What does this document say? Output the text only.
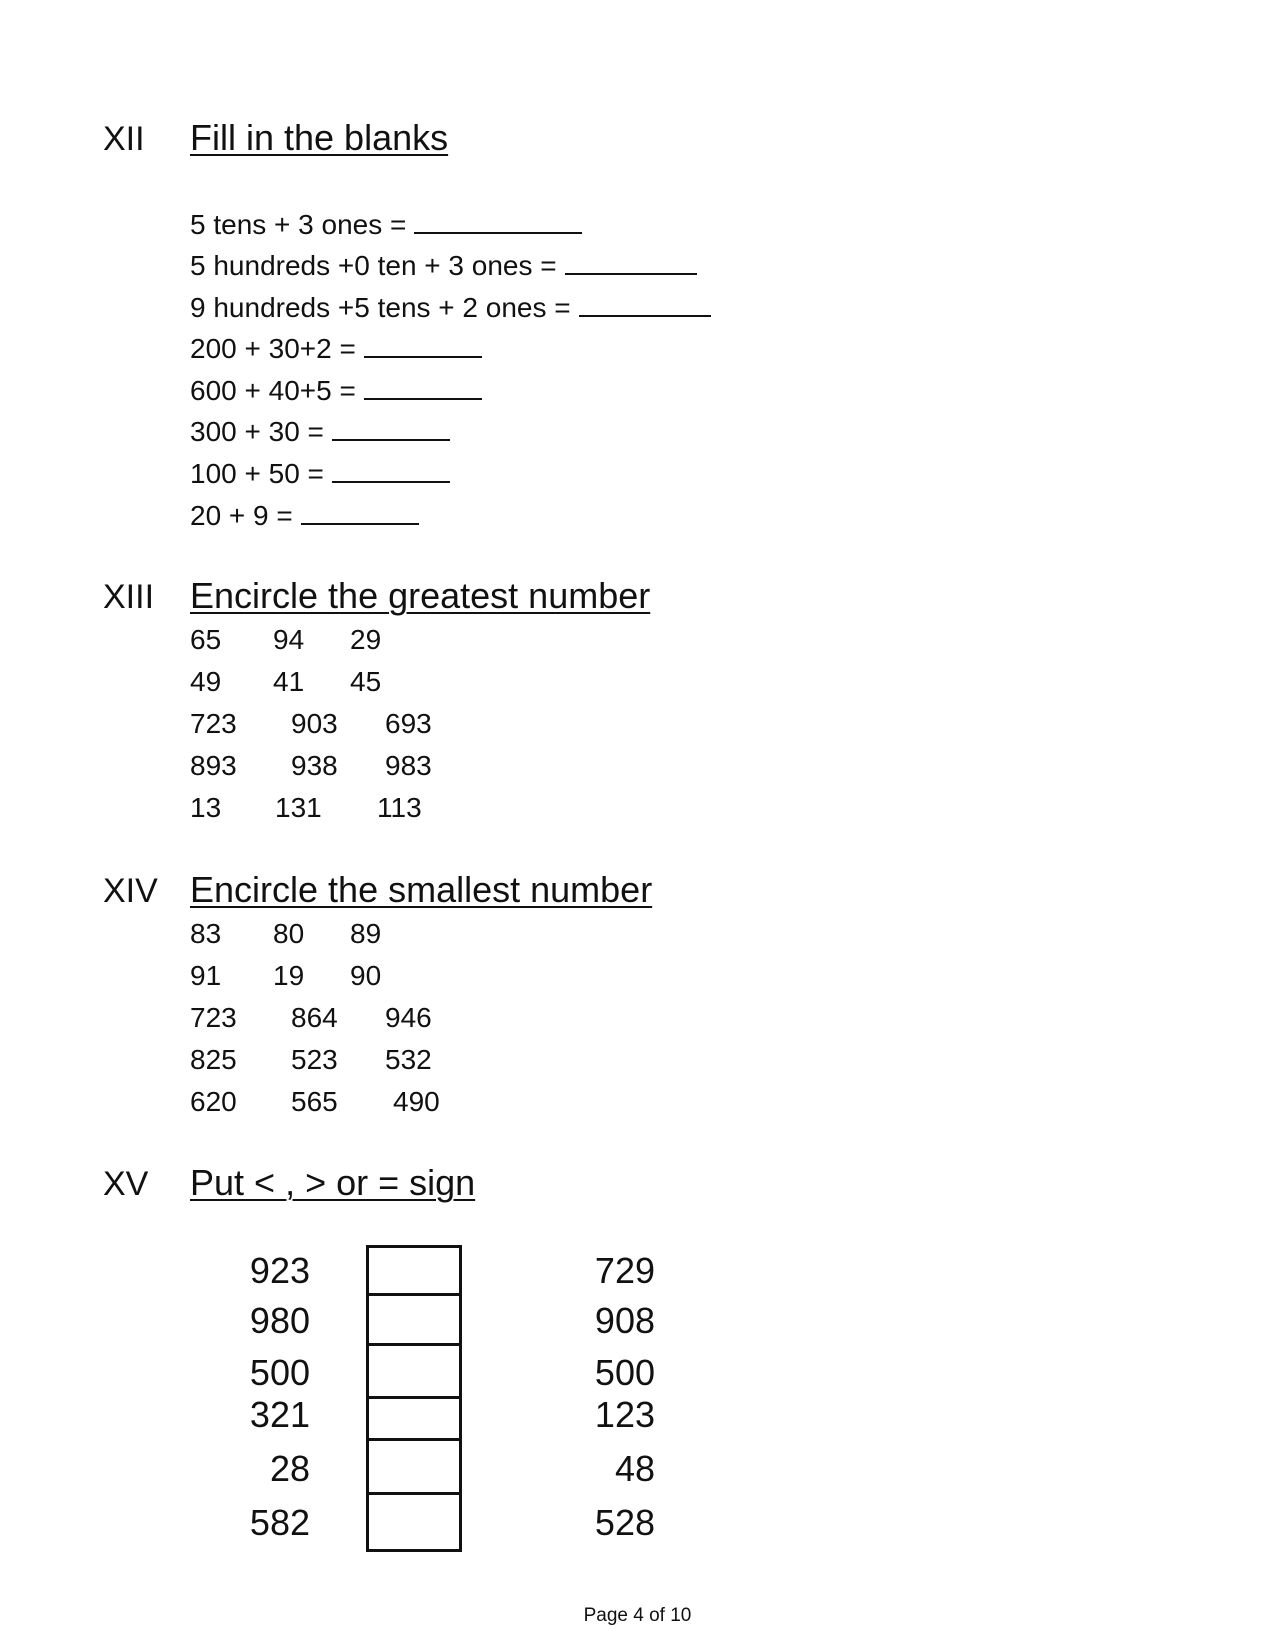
XII Fill in the blanks
5 tens + 3 ones =
5 hundreds +0 ten + 3 ones =
9 hundreds +5 tens + 2 ones =
200 + 30+2 =
600 + 40+5 =
300 + 30 =
100 + 50 =
20 + 9 =
XIII Encircle the greatest number
65 94 29
49 41 45
723 903 693
893 938 983
13 131 113
XIV Encircle the smallest number
83 80 89
91 19 90
723 864 946
825 523 532
620 565 490
XV Put < , > or = sign
923
980
500
321
28
582
729
908
500
123
48
528
Page 4 of 10
